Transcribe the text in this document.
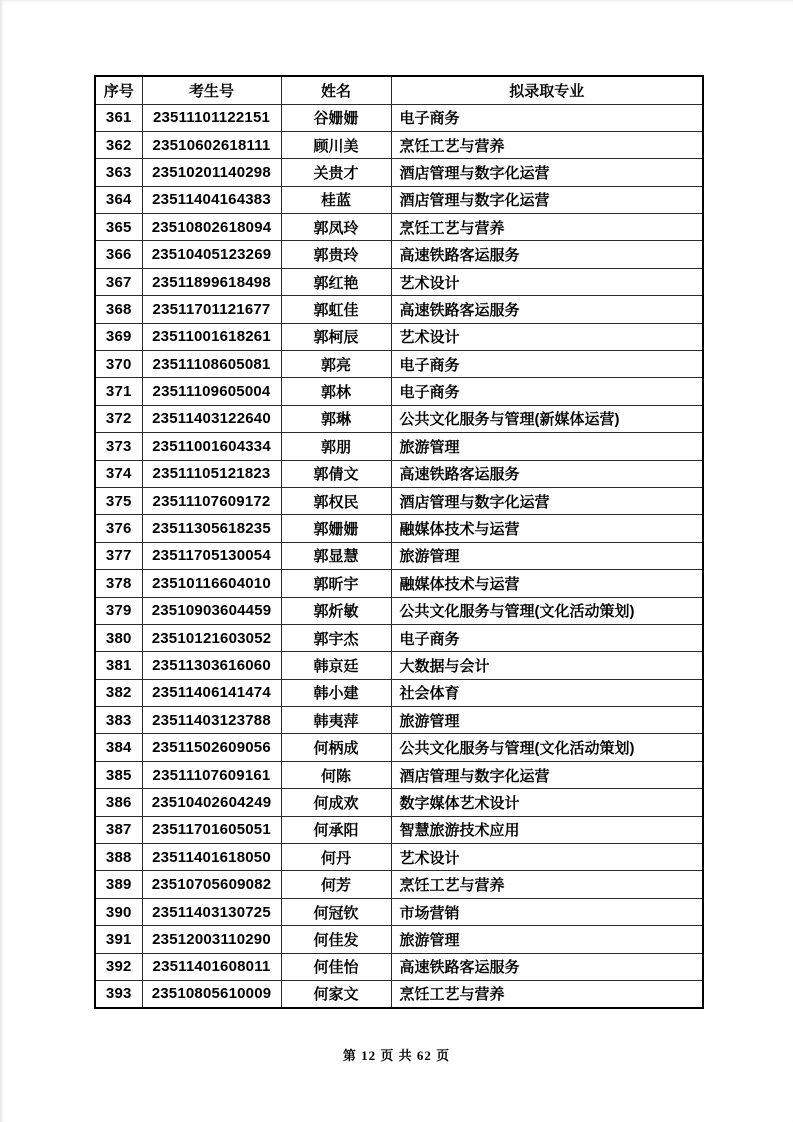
序号	考生号	姓名	拟录取专业
361	23511101122151	谷姗姗	电子商务
362	23510602618111	顾川美	烹饪工艺与营养
363	23510201140298	关贵才	酒店管理与数字化运营
364	23511404164383	桂蓝	酒店管理与数字化运营
365	23510802618094	郭凤玲	烹饪工艺与营养
366	23510405123269	郭贵玲	高速铁路客运服务
367	23511899618498	郭红艳	艺术设计
368	23511701121677	郭虹佳	高速铁路客运服务
369	23511001618261	郭柯辰	艺术设计
370	23511108605081	郭亮	电子商务
371	23511109605004	郭林	电子商务
372	23511403122640	郭琳	公共文化服务与管理(新媒体运营)
373	23511001604334	郭朋	旅游管理
374	23511105121823	郭倩文	高速铁路客运服务
375	23511107609172	郭权民	酒店管理与数字化运营
376	23511305618235	郭姗姗	融媒体技术与运营
377	23511705130054	郭显慧	旅游管理
378	23510116604010	郭昕宇	融媒体技术与运营
379	23510903604459	郭炘敏	公共文化服务与管理(文化活动策划)
380	23510121603052	郭宇杰	电子商务
381	23511303616060	韩京廷	大数据与会计
382	23511406141474	韩小建	社会体育
383	23511403123788	韩夷萍	旅游管理
384	23511502609056	何柄成	公共文化服务与管理(文化活动策划)
385	23511107609161	何陈	酒店管理与数字化运营
386	23510402604249	何成欢	数字媒体艺术设计
387	23511701605051	何承阳	智慧旅游技术应用
388	23511401618050	何丹	艺术设计
389	23510705609082	何芳	烹饪工艺与营养
390	23511403130725	何冠钦	市场营销
391	23512003110290	何佳发	旅游管理
392	23511401608011	何佳怡	高速铁路客运服务
393	23510805610009	何家文	烹饪工艺与营养
第 12 页 共 62 页
